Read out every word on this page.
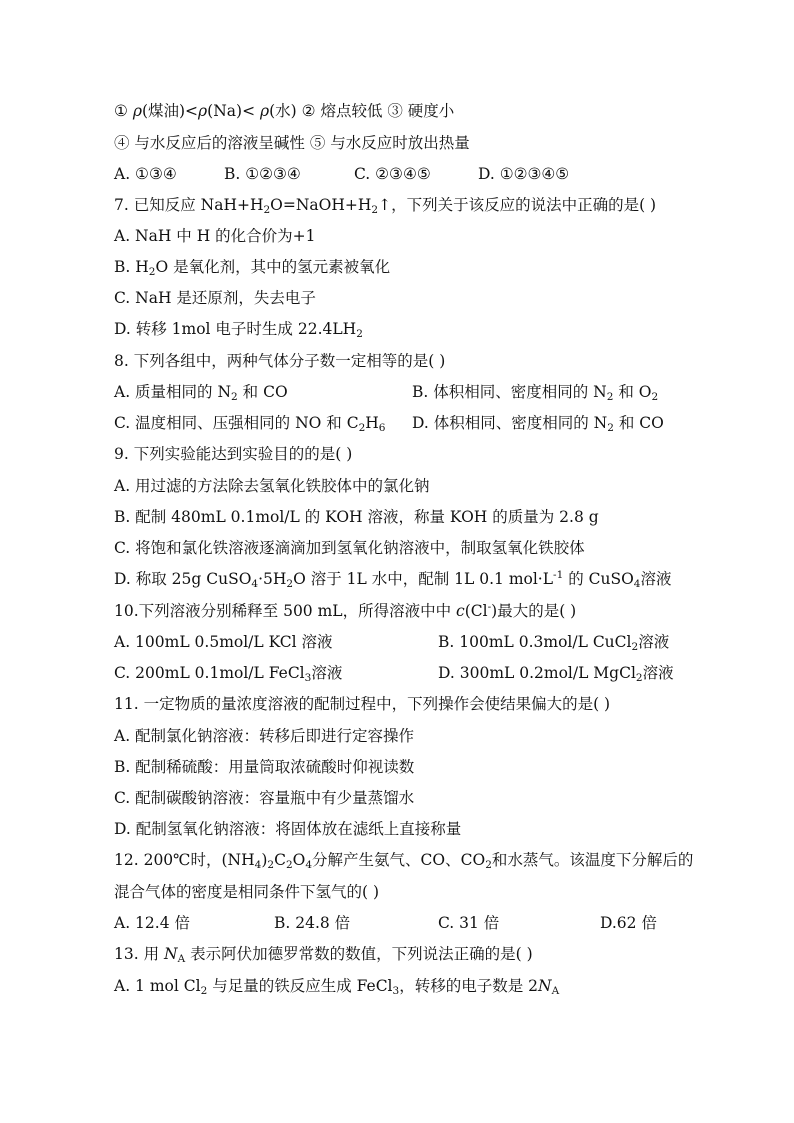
① ρ(煤油)<ρ(Na)< ρ(水) ② 熔点较低 ③ 硬度小
④ 与水反应后的溶液呈碱性 ⑤ 与水反应时放出热量
A. ①③④	B. ①②③④	C. ②③④⑤	D. ①②③④⑤
7. 已知反应 $NaH+H_2O=NaOH+H_2↑$，下列关于该反应的说法中正确的是( )
A. NaH 中 H 的化合价为+1
B. $H_2O$ 是氧化剂，其中的氢元素被氧化
C. NaH 是还原剂，失去电子
D. 转移 1mol 电子时生成 $22.4LH_2$
8. 下列各组中，两种气体分子数一定相等的是( )
A. 质量相同的 $N_2$ 和 CO	B. 体积相同、密度相同的 $N_2$ 和 $O_2$
C. 温度相同、压强相同的 NO 和 $C_2H_6$ D. 体积相同、密度相同的 $N_2$ 和 CO
9. 下列实验能达到实验目的的是( )
A. 用过滤的方法除去氢氧化铁胶体中的氯化钠
B. 配制 480mL 0.1mol/L 的 KOH 溶液，称量 KOH 的质量为 2.8 g
C. 将饱和氯化铁溶液逐滴滴加到氢氧化钠溶液中，制取氢氧化铁胶体
D. 称取 25g $CuSO_4\cdot 5H_2O$ 溶于 1L 水中，配制 1L 0.1 $mol\cdot L^{-1}$ 的 CuSO$_4$溶液
10.下列溶液分别稀释至 500 mL，所得溶液中中 c(Cl-)最大的是( )
A. 100mL 0.5mol/L KCl 溶液	B. 100mL 0.3mol/L CuCl$_2$溶液
C. 200mL 0.1mol/L FeCl$_3$溶液	D. 300mL 0.2mol/L MgCl$_2$溶液
11. 一定物质的量浓度溶液的配制过程中，下列操作会使结果偏大的是( )
A. 配制氯化钠溶液：转移后即进行定容操作
B. 配制稀硫酸：用量筒取浓硫酸时仰视读数
C. 配制碳酸钠溶液：容量瓶中有少量蒸馏水
D. 配制氢氧化钠溶液：将固体放在滤纸上直接称量
12. 200℃时，$(NH_4)_2C_2O_4$分解产生氨气、CO、$CO_2$和水蒸气。该温度下分解后的
混合气体的密度是相同条件下氢气的( )
A. 12.4 倍	B. 24.8 倍	C. 31 倍	D.62 倍
13. 用 $N_A$ 表示阿伏加德罗常数的数值，下列说法正确的是( )
A. 1 mol $Cl_2$ 与足量的铁反应生成 FeCl$_3$，转移的电子数是 $2N_A$
